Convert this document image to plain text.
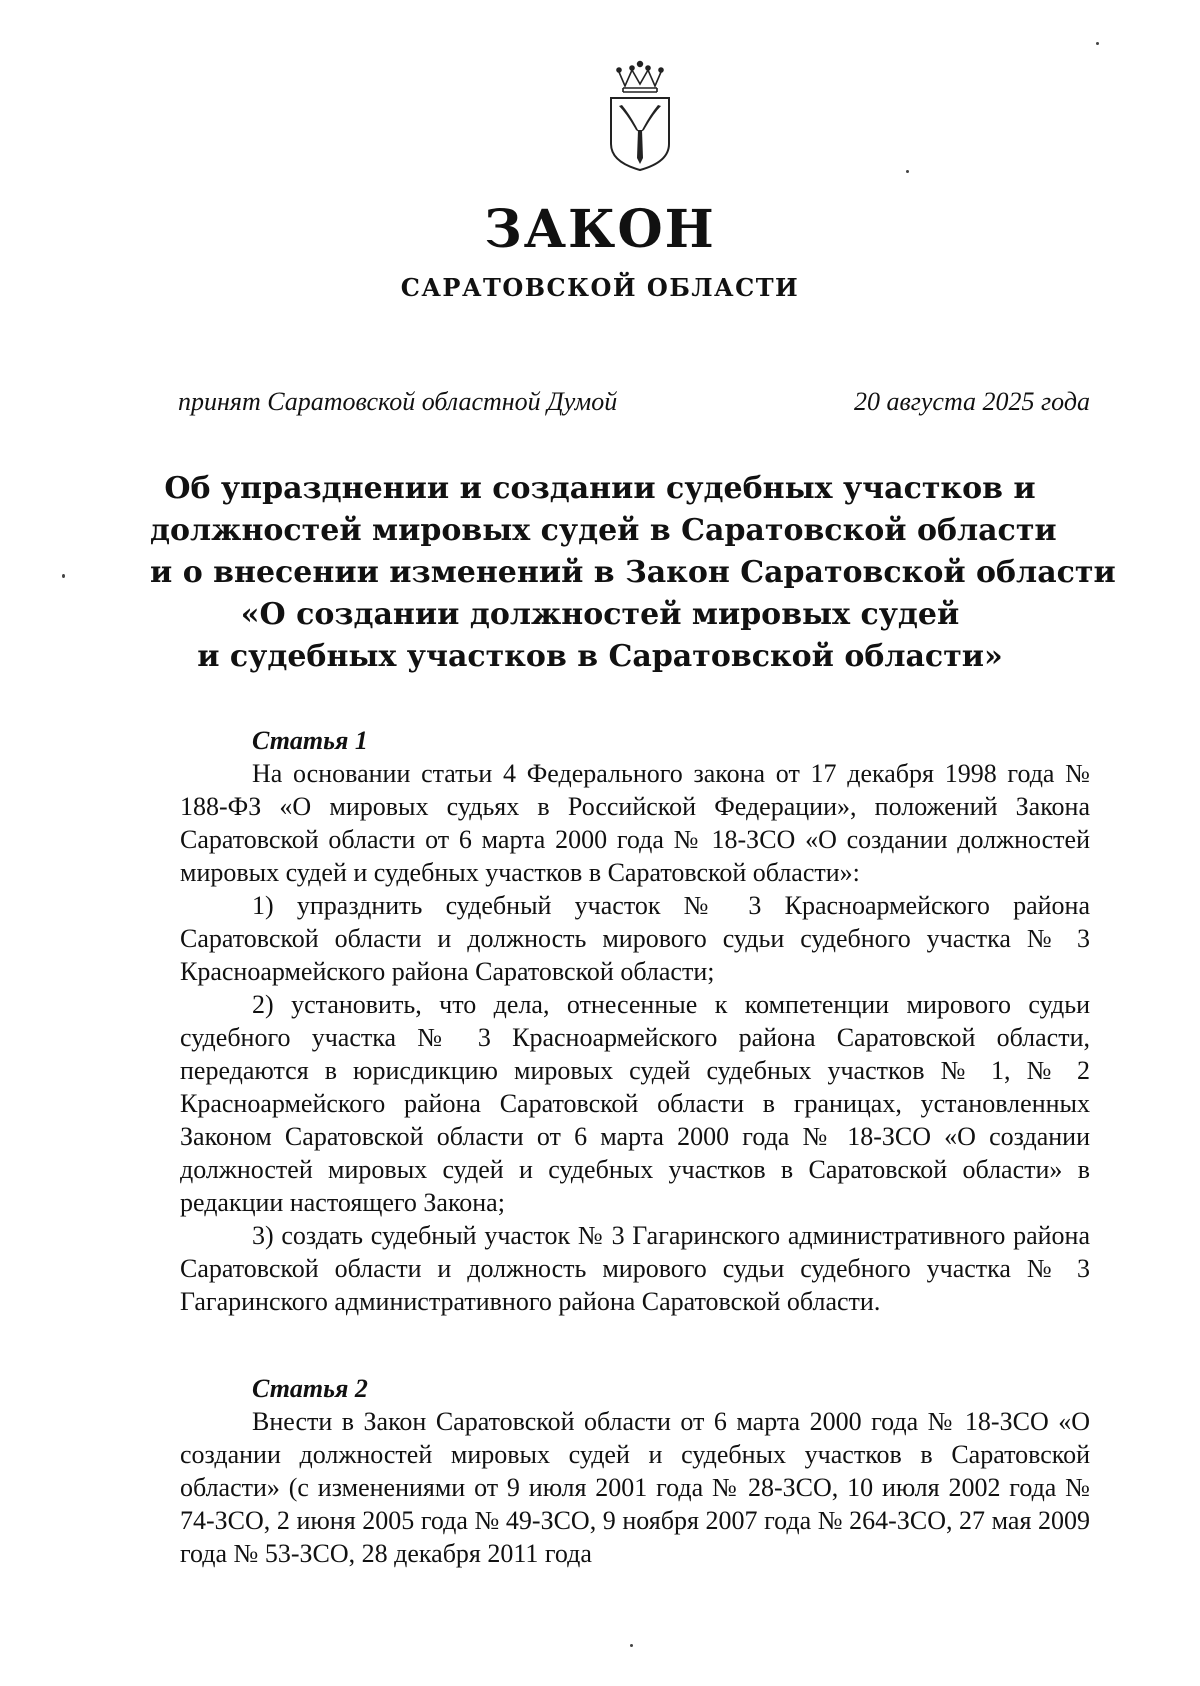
ЗАКОН
САРАТОВСКОЙ ОБЛАСТИ
принят Саратовской областной Думой	20 августа 2025 года
Об упразднении и создании судебных участков и
должностей мировых судей в Саратовской области
и о внесении изменений в Закон Саратовской области
«О создании должностей мировых судей
и судебных участков в Саратовской области»
Статья 1

На основании статьи 4 Федерального закона от 17 декабря 1998 года № 188-ФЗ «О мировых судьях в Российской Федерации», положений Закона Саратовской области от 6 марта 2000 года № 18-ЗСО «О создании должностей мировых судей и судебных участков в Саратовской области»:

1) упразднить судебный участок № 3 Красноармейского района Саратовской области и должность мирового судьи судебного участка № 3 Красноармейского района Саратовской области;

2) установить, что дела, отнесенные к компетенции мирового судьи судебного участка № 3 Красноармейского района Саратовской области, передаются в юрисдикцию мировых судей судебных участков № 1, № 2 Красноармейского района Саратовской области в границах, установленных Законом Саратовской области от 6 марта 2000 года № 18-ЗСО «О создании должностей мировых судей и судебных участков в Саратовской области» в редакции настоящего Закона;

3) создать судебный участок № 3 Гагаринского административного района Саратовской области и должность мирового судьи судебного участка № 3 Гагаринского административного района Саратовской области.

Статья 2

Внести в Закон Саратовской области от 6 марта 2000 года № 18-ЗСО «О создании должностей мировых судей и судебных участков в Саратовской области» (с изменениями от 9 июля 2001 года № 28-ЗСО, 10 июля 2002 года № 74-ЗСО, 2 июня 2005 года № 49-ЗСО, 9 ноября 2007 года № 264-ЗСО, 27 мая 2009 года № 53-ЗСО, 28 декабря 2011 года
